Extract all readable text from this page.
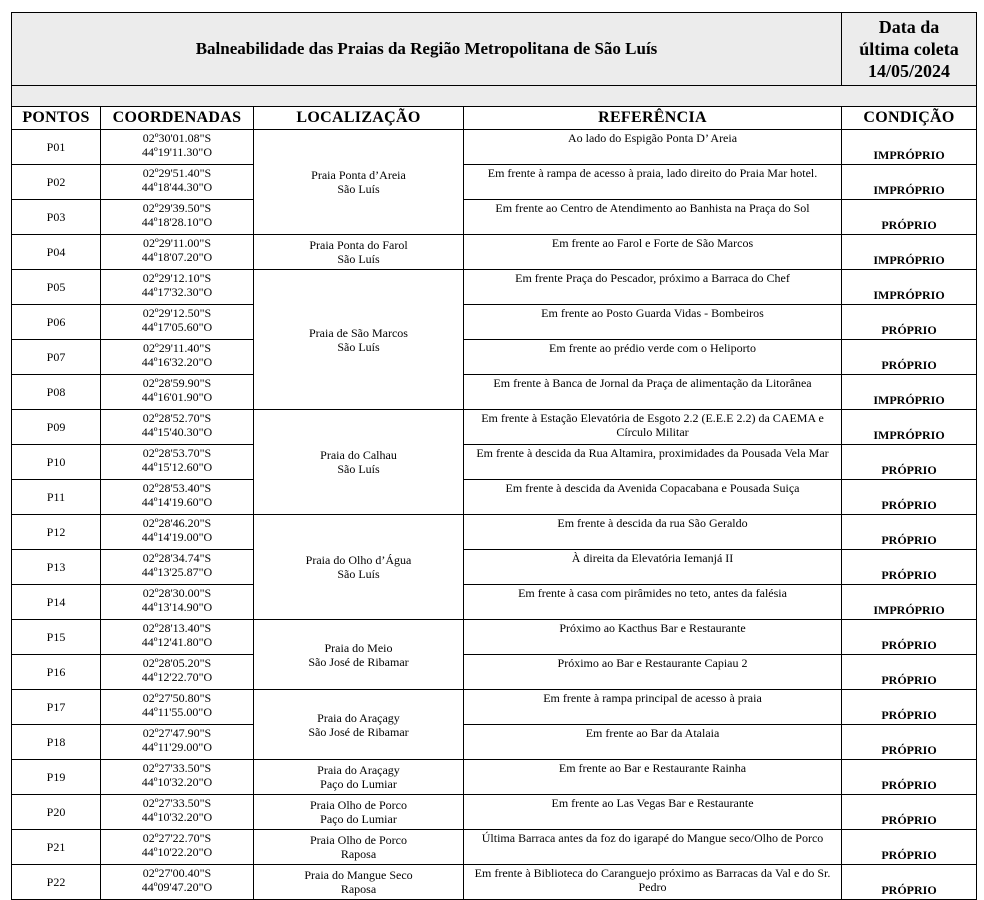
Balneabilidade das Praias da Região Metropolitana de São Luís				Data da
última coleta
14/05/2024

PONTOS	COORDENADAS	LOCALIZAÇÃO	REFERÊNCIA	CONDIÇÃO
P01	02º30'01.08"S
44º19'11.30"O	Praia Ponta d’Areia
São Luís	Ao lado do Espigão Ponta D’ Areia	IMPRÓPRIO
P02	02º29'51.40"S
44º18'44.30"O		Em frente à rampa de acesso à praia, lado direito do Praia Mar hotel.	IMPRÓPRIO
P03	02º29'39.50"S
44º18'28.10"O		Em frente ao Centro de Atendimento ao Banhista na Praça do Sol	PRÓPRIO
P04	02º29'11.00"S
44º18'07.20"O	Praia Ponta do Farol
São Luís	Em frente ao Farol e Forte de São Marcos	IMPRÓPRIO
P05	02º29'12.10"S
44º17'32.30"O	Praia de São Marcos
São Luís	Em frente Praça do Pescador, próximo a Barraca do Chef	IMPRÓPRIO
P06	02º29'12.50"S
44º17'05.60"O		Em frente ao Posto Guarda Vidas - Bombeiros	PRÓPRIO
P07	02º29'11.40"S
44º16'32.20"O		Em frente ao prédio verde com o Heliporto	PRÓPRIO
P08	02º28'59.90"S
44º16'01.90"O		Em frente à Banca de Jornal da Praça de alimentação da Litorânea	IMPRÓPRIO
P09	02º28'52.70"S
44º15'40.30"O	Praia do Calhau
São Luís	Em frente à Estação Elevatória de Esgoto 2.2 (E.E.E 2.2) da CAEMA e Círculo Militar	IMPRÓPRIO
P10	02º28'53.70"S
44º15'12.60"O		Em frente à descida da Rua Altamira, proximidades da Pousada Vela Mar	PRÓPRIO
P11	02º28'53.40"S
44º14'19.60"O		Em frente à descida da Avenida Copacabana e Pousada Suiça	PRÓPRIO
P12	02º28'46.20"S
44º14'19.00"O	Praia do Olho d’Água
São Luís	Em frente à descida da rua São Geraldo	PRÓPRIO
P13	02º28'34.74"S
44º13'25.87"O		À direita da Elevatória Iemanjá II	PRÓPRIO
P14	02º28'30.00"S
44º13'14.90"O		Em frente à casa com pirâmides no teto, antes da falésia	IMPRÓPRIO
P15	02º28'13.40"S
44º12'41.80"O	Praia do Meio
São José de Ribamar	Próximo ao Kacthus Bar e Restaurante	PRÓPRIO
P16	02º28'05.20"S
44º12'22.70"O		Próximo ao Bar e Restaurante Capiau 2	PRÓPRIO
P17	02º27'50.80"S
44º11'55.00"O	Praia do Araçagy
São José de Ribamar	Em frente à rampa principal de acesso à praia	PRÓPRIO
P18	02º27'47.90"S
44º11'29.00"O		Em frente ao Bar da Atalaia	PRÓPRIO
P19	02º27'33.50"S
44º10'32.20"O	Praia do Araçagy
Paço do Lumiar	Em frente ao Bar e Restaurante Rainha	PRÓPRIO
P20	02º27'33.50"S
44º10'32.20"O	Praia Olho de Porco
Paço do Lumiar	Em frente ao Las Vegas Bar e Restaurante	PRÓPRIO
P21	02º27'22.70"S
44º10'22.20"O	Praia Olho de Porco
Raposa	Última Barraca antes da foz do igarapé do Mangue seco/Olho de Porco	PRÓPRIO
P22	02º27'00.40"S
44º09'47.20"O	Praia do Mangue Seco
Raposa	Em frente à Biblioteca do Caranguejo próximo as Barracas da Val e do Sr. Pedro	PRÓPRIO
